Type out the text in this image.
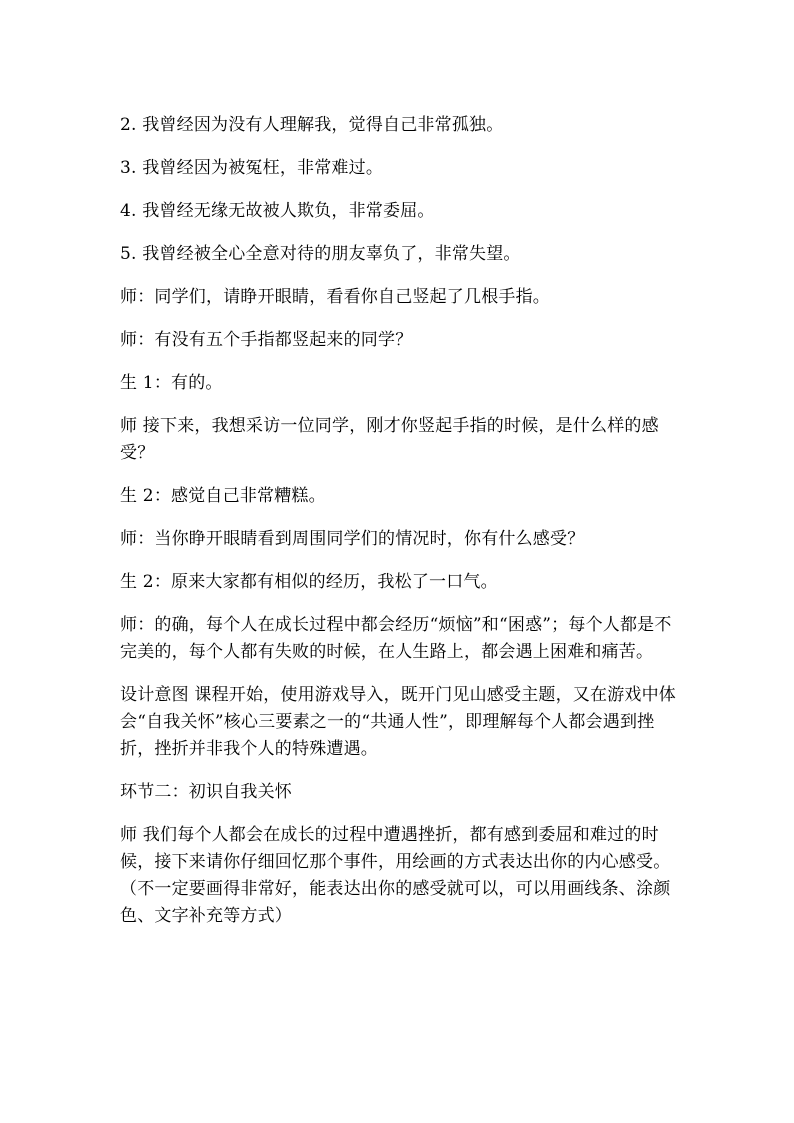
2. 我曾经因为没有人理解我，觉得自己非常孤独。

3. 我曾经因为被冤枉，非常难过。

4. 我曾经无缘无故被人欺负，非常委屈。

5. 我曾经被全心全意对待的朋友辜负了，非常失望。

师：同学们，请睁开眼睛，看看你自己竖起了几根手指。

师：有没有五个手指都竖起来的同学？

生 1：有的。

师 接下来，我想采访一位同学，刚才你竖起手指的时候，是什么样的感受？

生 2：感觉自己非常糟糕。

师：当你睁开眼睛看到周围同学们的情况时，你有什么感受？

生 2：原来大家都有相似的经历，我松了一口气。

师：的确，每个人在成长过程中都会经历“烦恼”和“困惑”；每个人都是不完美的，每个人都有失败的时候，在人生路上，都会遇上困难和痛苦。

设计意图 课程开始，使用游戏导入，既开门见山感受主题，又在游戏中体会“自我关怀”核心三要素之一的“共通人性”，即理解每个人都会遇到挫折，挫折并非我个人的特殊遭遇。

环节二：初识自我关怀

师 我们每个人都会在成长的过程中遭遇挫折，都有感到委屈和难过的时候，接下来请你仔细回忆那个事件，用绘画的方式表达出你的内心感受。（不一定要画得非常好，能表达出你的感受就可以，可以用画线条、涂颜色、文字补充等方式）
